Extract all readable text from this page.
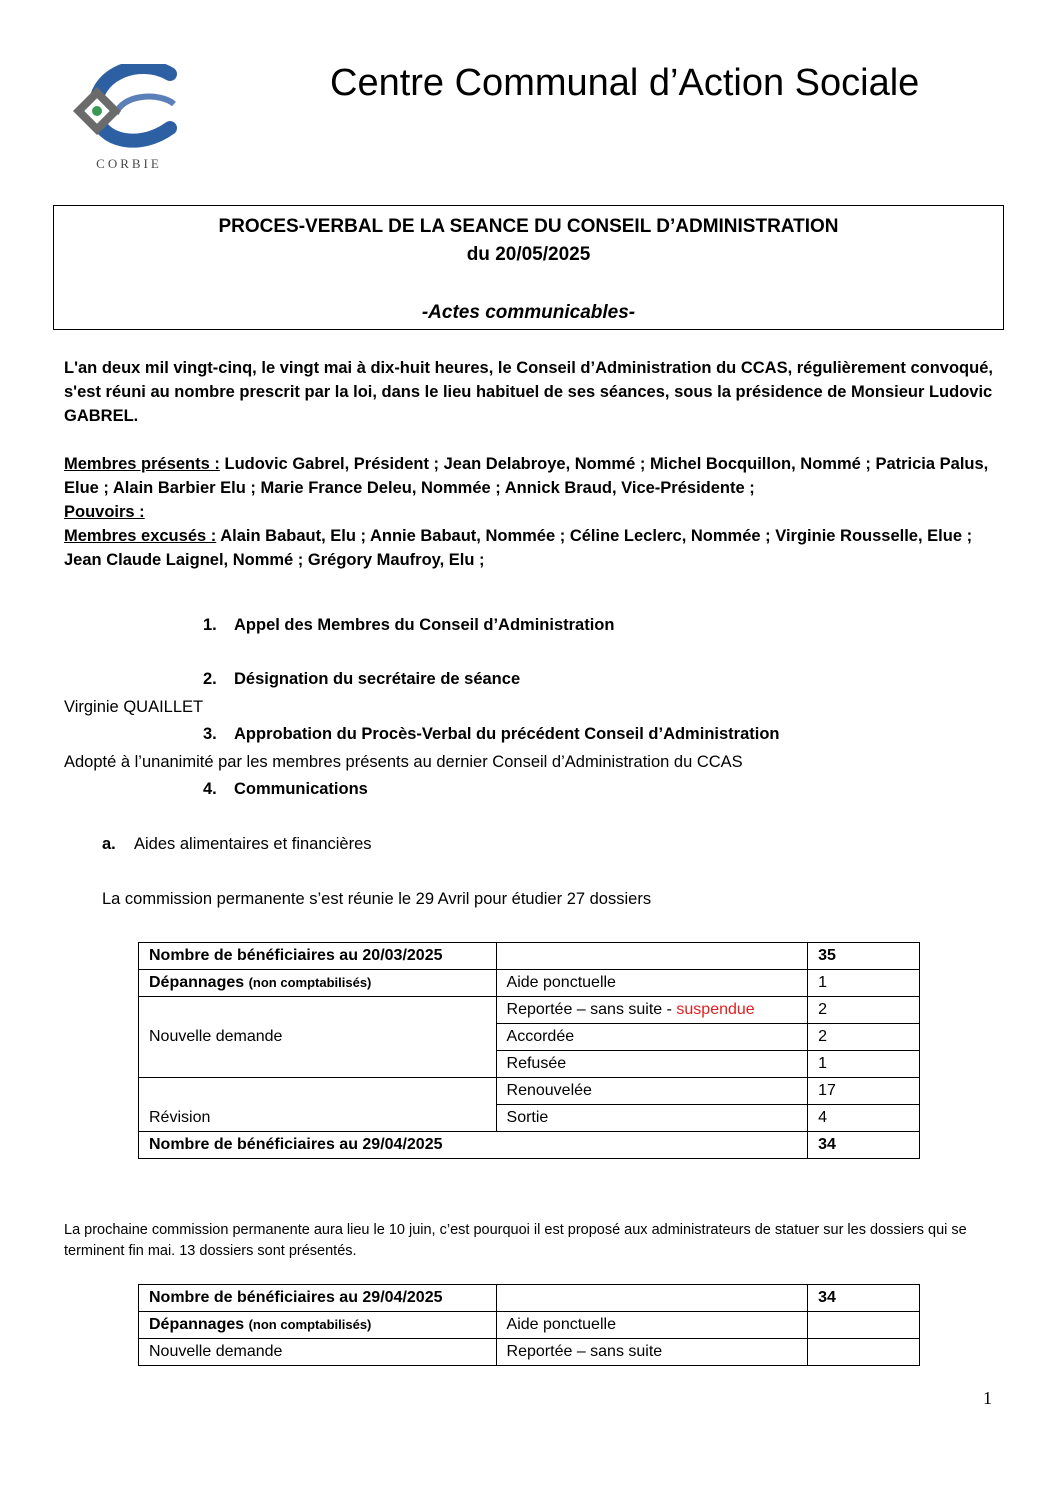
CORBIE
Centre Communal d’Action Sociale
PROCES-VERBAL DE LA SEANCE DU CONSEIL D’ADMINISTRATION
du 20/05/2025
-Actes communicables-
L'an deux mil vingt-cinq, le vingt mai à dix-huit heures, le Conseil d’Administration du CCAS, régulièrement convoqué, s'est réuni au nombre prescrit par la loi, dans le lieu habituel de ses séances, sous la présidence de Monsieur Ludovic GABREL.
Membres présents : Ludovic Gabrel, Président ; Jean Delabroye, Nommé ; Michel Bocquillon, Nommé ; Patricia Palus, Elue ; Alain Barbier Elu ; Marie France Deleu, Nommée ; Annick Braud, Vice-Présidente ;
Pouvoirs :
Membres excusés : Alain Babaut, Elu ; Annie Babaut, Nommée ; Céline Leclerc, Nommée ; Virginie Rousselle, Elue ; Jean Claude Laignel, Nommé ; Grégory Maufroy, Elu ;
1. Appel des Membres du Conseil d’Administration
2. Désignation du secrétaire de séance
Virginie QUAILLET
3. Approbation du Procès-Verbal du précédent Conseil d’Administration
Adopté à l’unanimité par les membres présents au dernier Conseil d’Administration du CCAS
4. Communications
a. Aides alimentaires et financières
La commission permanente s’est réunie le 29 Avril pour étudier 27 dossiers
Nombre de bénéficiaires au 20/03/2025		35
Dépannages (non comptabilisés)	Aide ponctuelle	1
Nouvelle demande	Reportée – sans suite - suspendue	2
	Accordée	2
	Refusée	1
Révision	Renouvelée	17
	Sortie	4
Nombre de bénéficiaires au 29/04/2025		34
La prochaine commission permanente aura lieu le 10 juin, c’est pourquoi il est proposé aux administrateurs de statuer sur les dossiers qui se terminent fin mai. 13 dossiers sont présentés.
Nombre de bénéficiaires au 29/04/2025		34
Dépannages (non comptabilisés)	Aide ponctuelle	
Nouvelle demande	Reportée – sans suite	
1
